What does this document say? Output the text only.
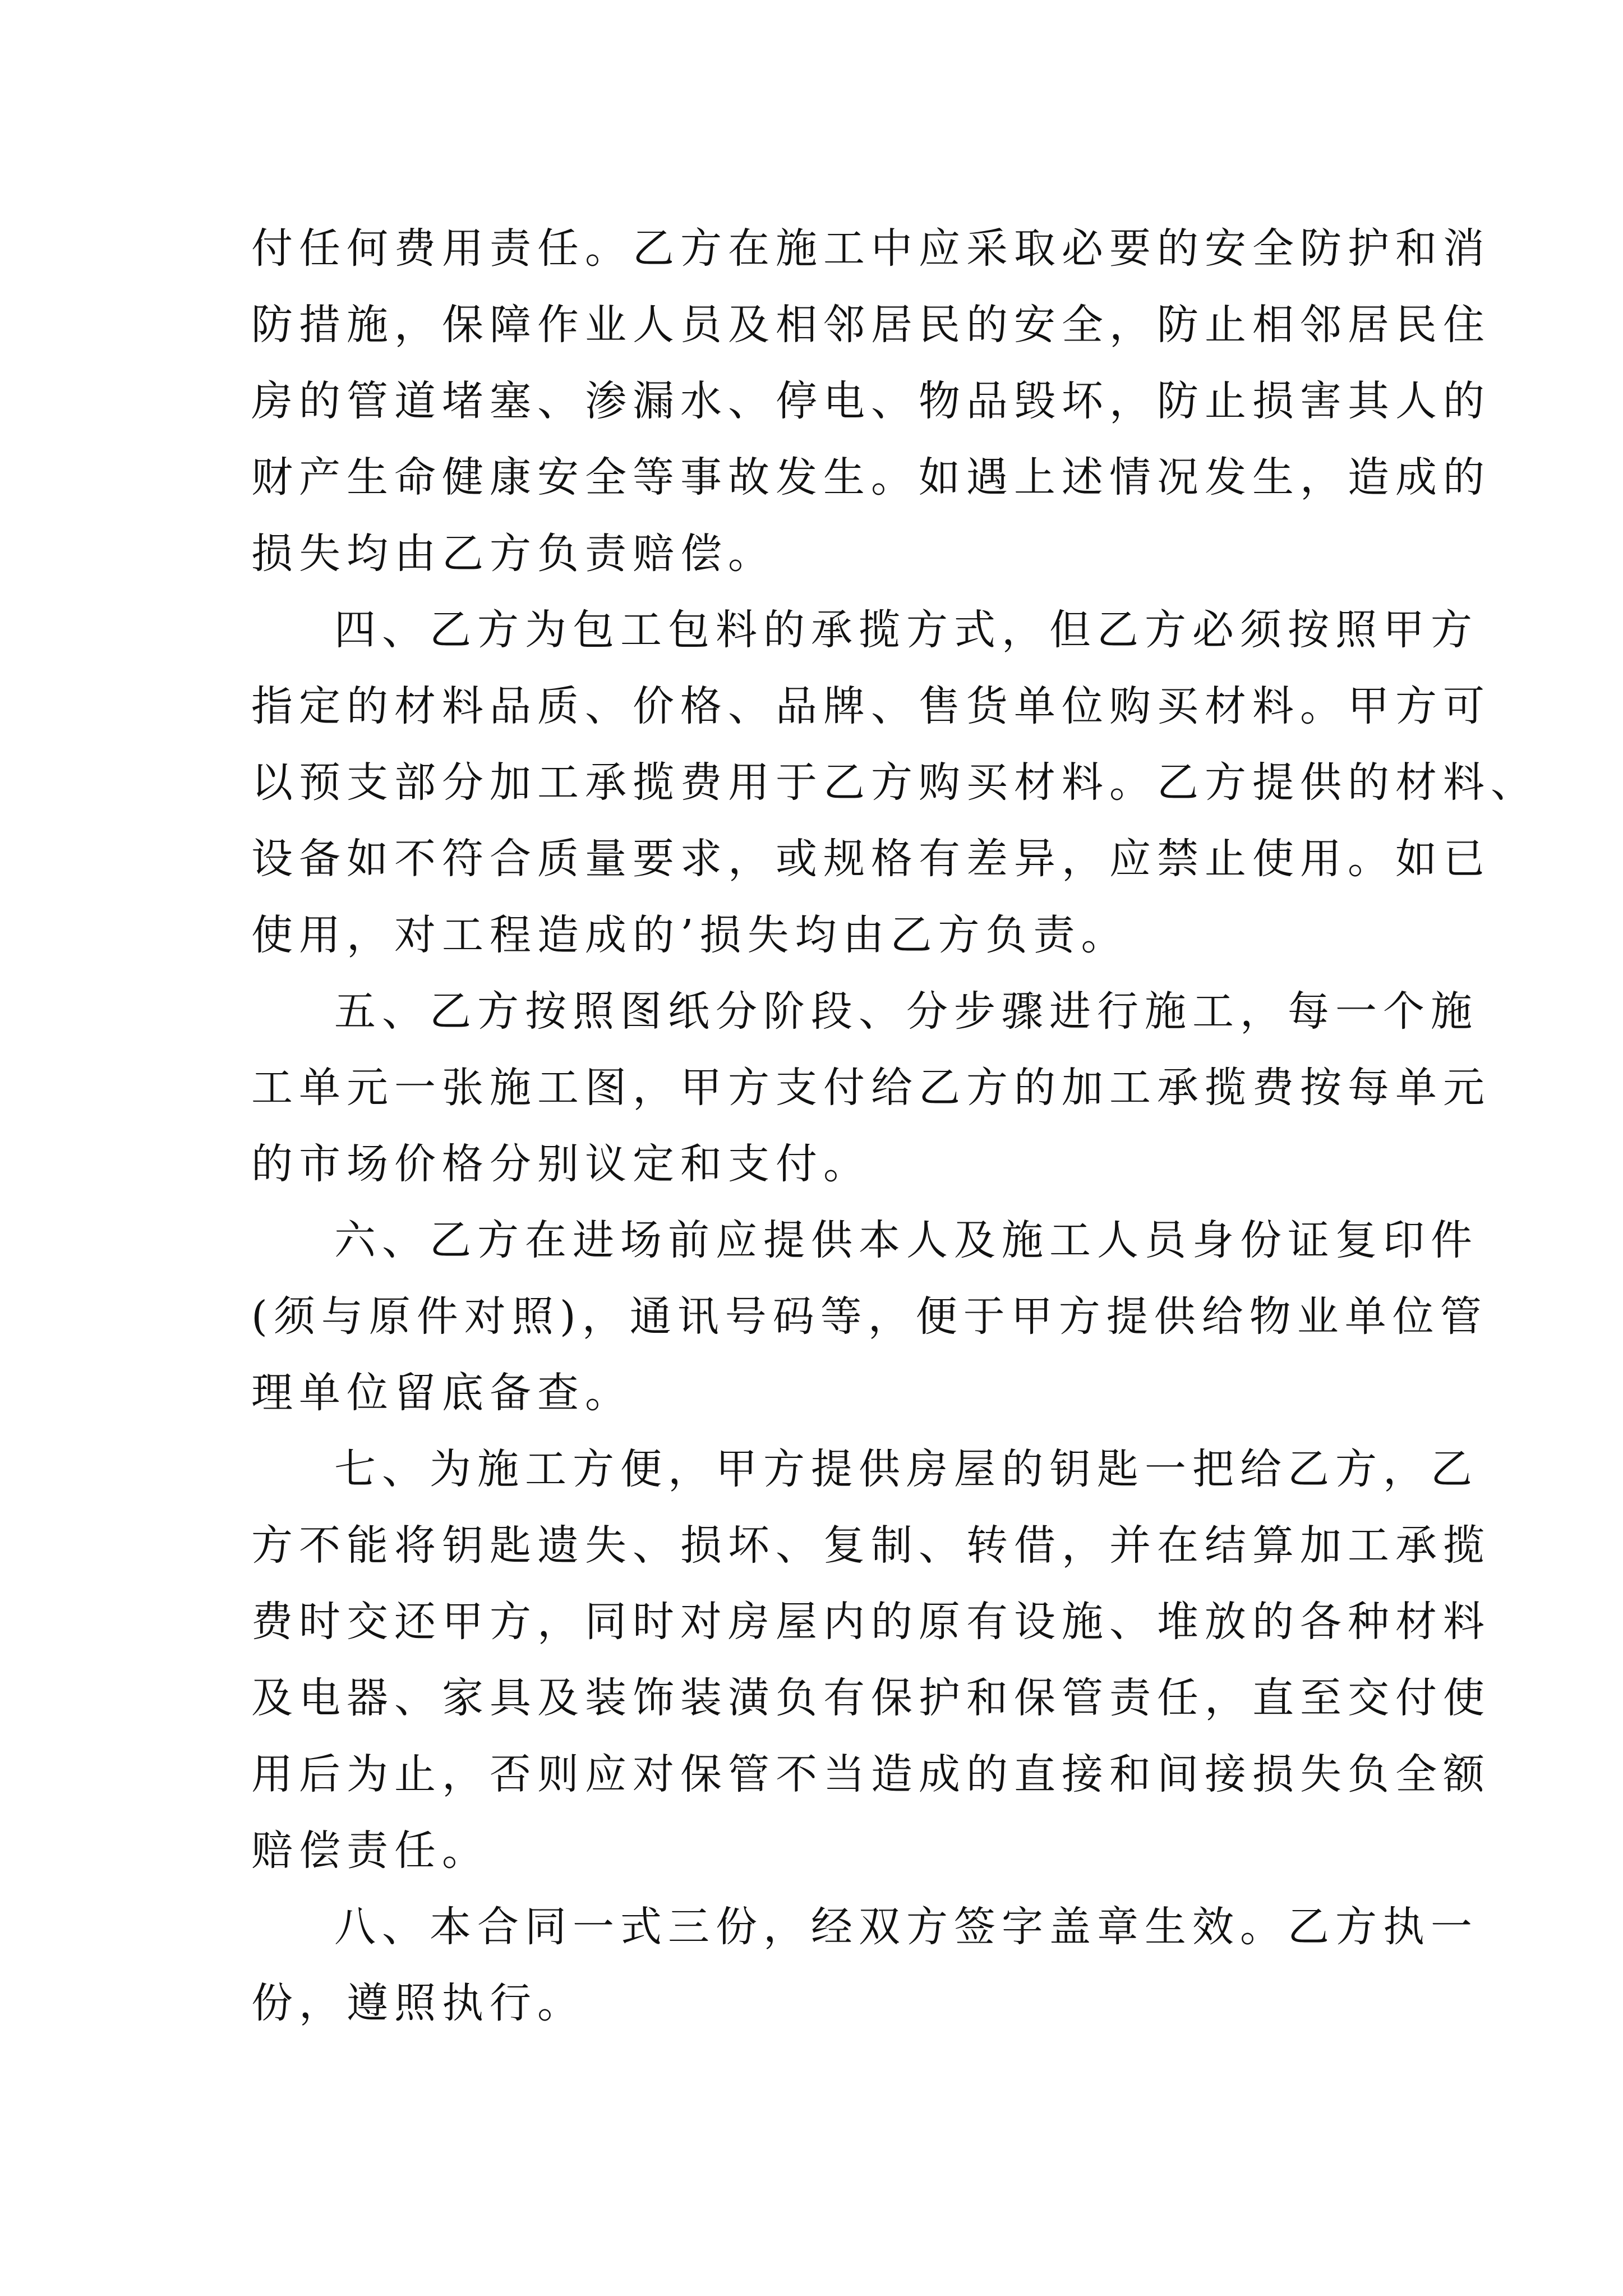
付任何费用责任。乙方在施工中应采取必要的安全防护和消
防措施，保障作业人员及相邻居民的安全，防止相邻居民住
房的管道堵塞、渗漏水、停电、物品毁坏，防止损害其人的
财产生命健康安全等事故发生。如遇上述情况发生，造成的
损失均由乙方负责赔偿。
四、乙方为包工包料的承揽方式，但乙方必须按照甲方
指定的材料品质、价格、品牌、售货单位购买材料。甲方可
以预支部分加工承揽费用于乙方购买材料。乙方提供的材料、
设备如不符合质量要求，或规格有差异，应禁止使用。如已
使用，对工程造成的’损失均由乙方负责。
五、乙方按照图纸分阶段、分步骤进行施工，每一个施
工单元一张施工图，甲方支付给乙方的加工承揽费按每单元
的市场价格分别议定和支付。
六、乙方在进场前应提供本人及施工人员身份证复印件
(须与原件对照)，通讯号码等，便于甲方提供给物业单位管
理单位留底备查。
七、为施工方便，甲方提供房屋的钥匙一把给乙方，乙
方不能将钥匙遗失、损坏、复制、转借，并在结算加工承揽
费时交还甲方，同时对房屋内的原有设施、堆放的各种材料
及电器、家具及装饰装潢负有保护和保管责任，直至交付使
用后为止，否则应对保管不当造成的直接和间接损失负全额
赔偿责任。
八、本合同一式三份，经双方签字盖章生效。乙方执一
份，遵照执行。
